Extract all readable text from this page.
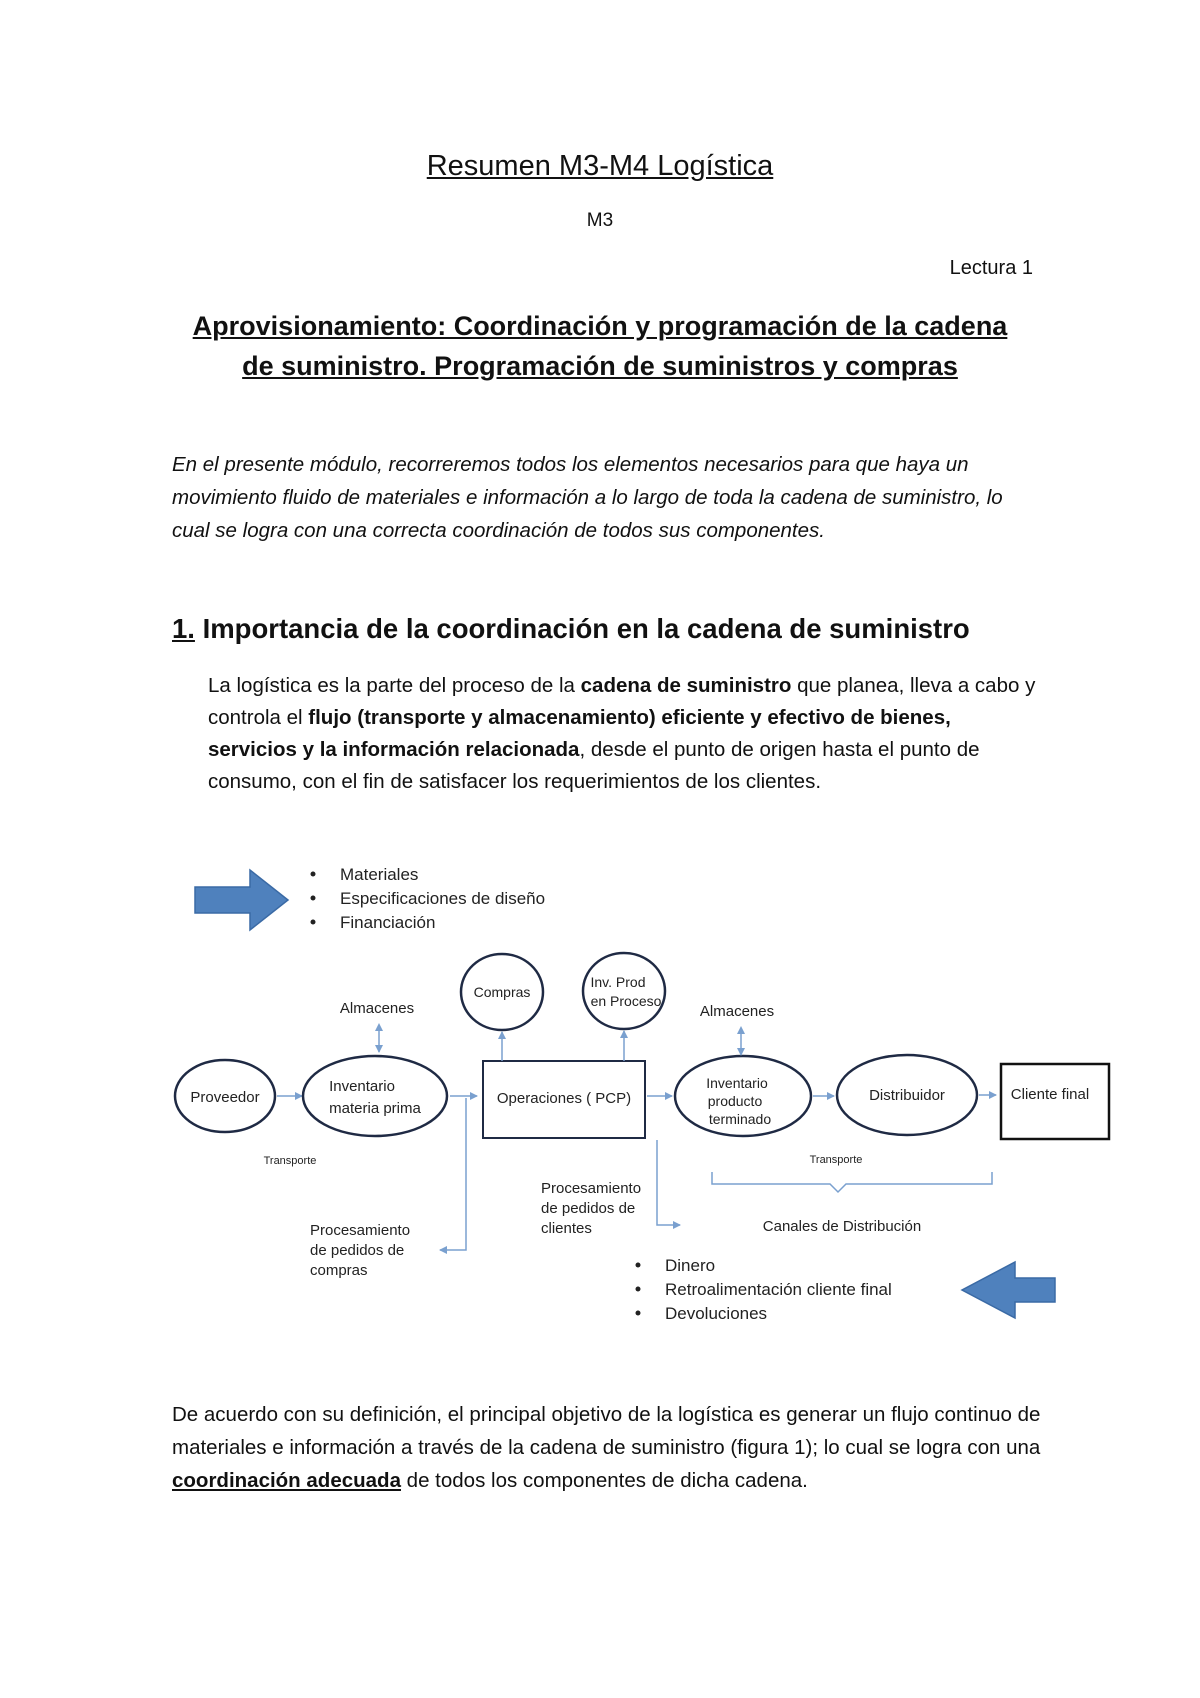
Resumen M3-M4 Logística
M3
Lectura 1
Aprovisionamiento: Coordinación y programación de la cadena
de suministro. Programación de suministros y compras

En el presente módulo, recorreremos todos los elementos necesarios para que haya un movimiento fluido de materiales e información a lo largo de toda la cadena de suministro, lo cual se logra con una correcta coordinación de todos sus componentes.

1. Importancia de la coordinación en la cadena de suministro

La logística es la parte del proceso de la cadena de suministro que planea, lleva a cabo y controla el flujo (transporte y almacenamiento) eficiente y efectivo de bienes, servicios y la información relacionada, desde el punto de origen hasta el punto de consumo, con el fin de satisfacer los requerimientos de los clientes.

Materiales
Especificaciones de diseño
Financiación
Proveedor
Inventario
materia prima
Almacenes
Transporte
Operaciones ( PCP)
Compras
Inv. Prod
en Proceso
Inventario
producto
terminado
Almacenes
Distribuidor	Cliente final
Transporte
Canales de Distribución
Procesamiento
de pedidos de
clientes
Procesamiento
de pedidos de
compras	Dinero
Retroalimentación cliente final
Devoluciones

De acuerdo con su definición, el principal objetivo de la logística es generar un flujo continuo de materiales e información a través de la cadena de suministro (figura 1); lo cual se logra con una coordinación adecuada de todos los componentes de dicha cadena.
